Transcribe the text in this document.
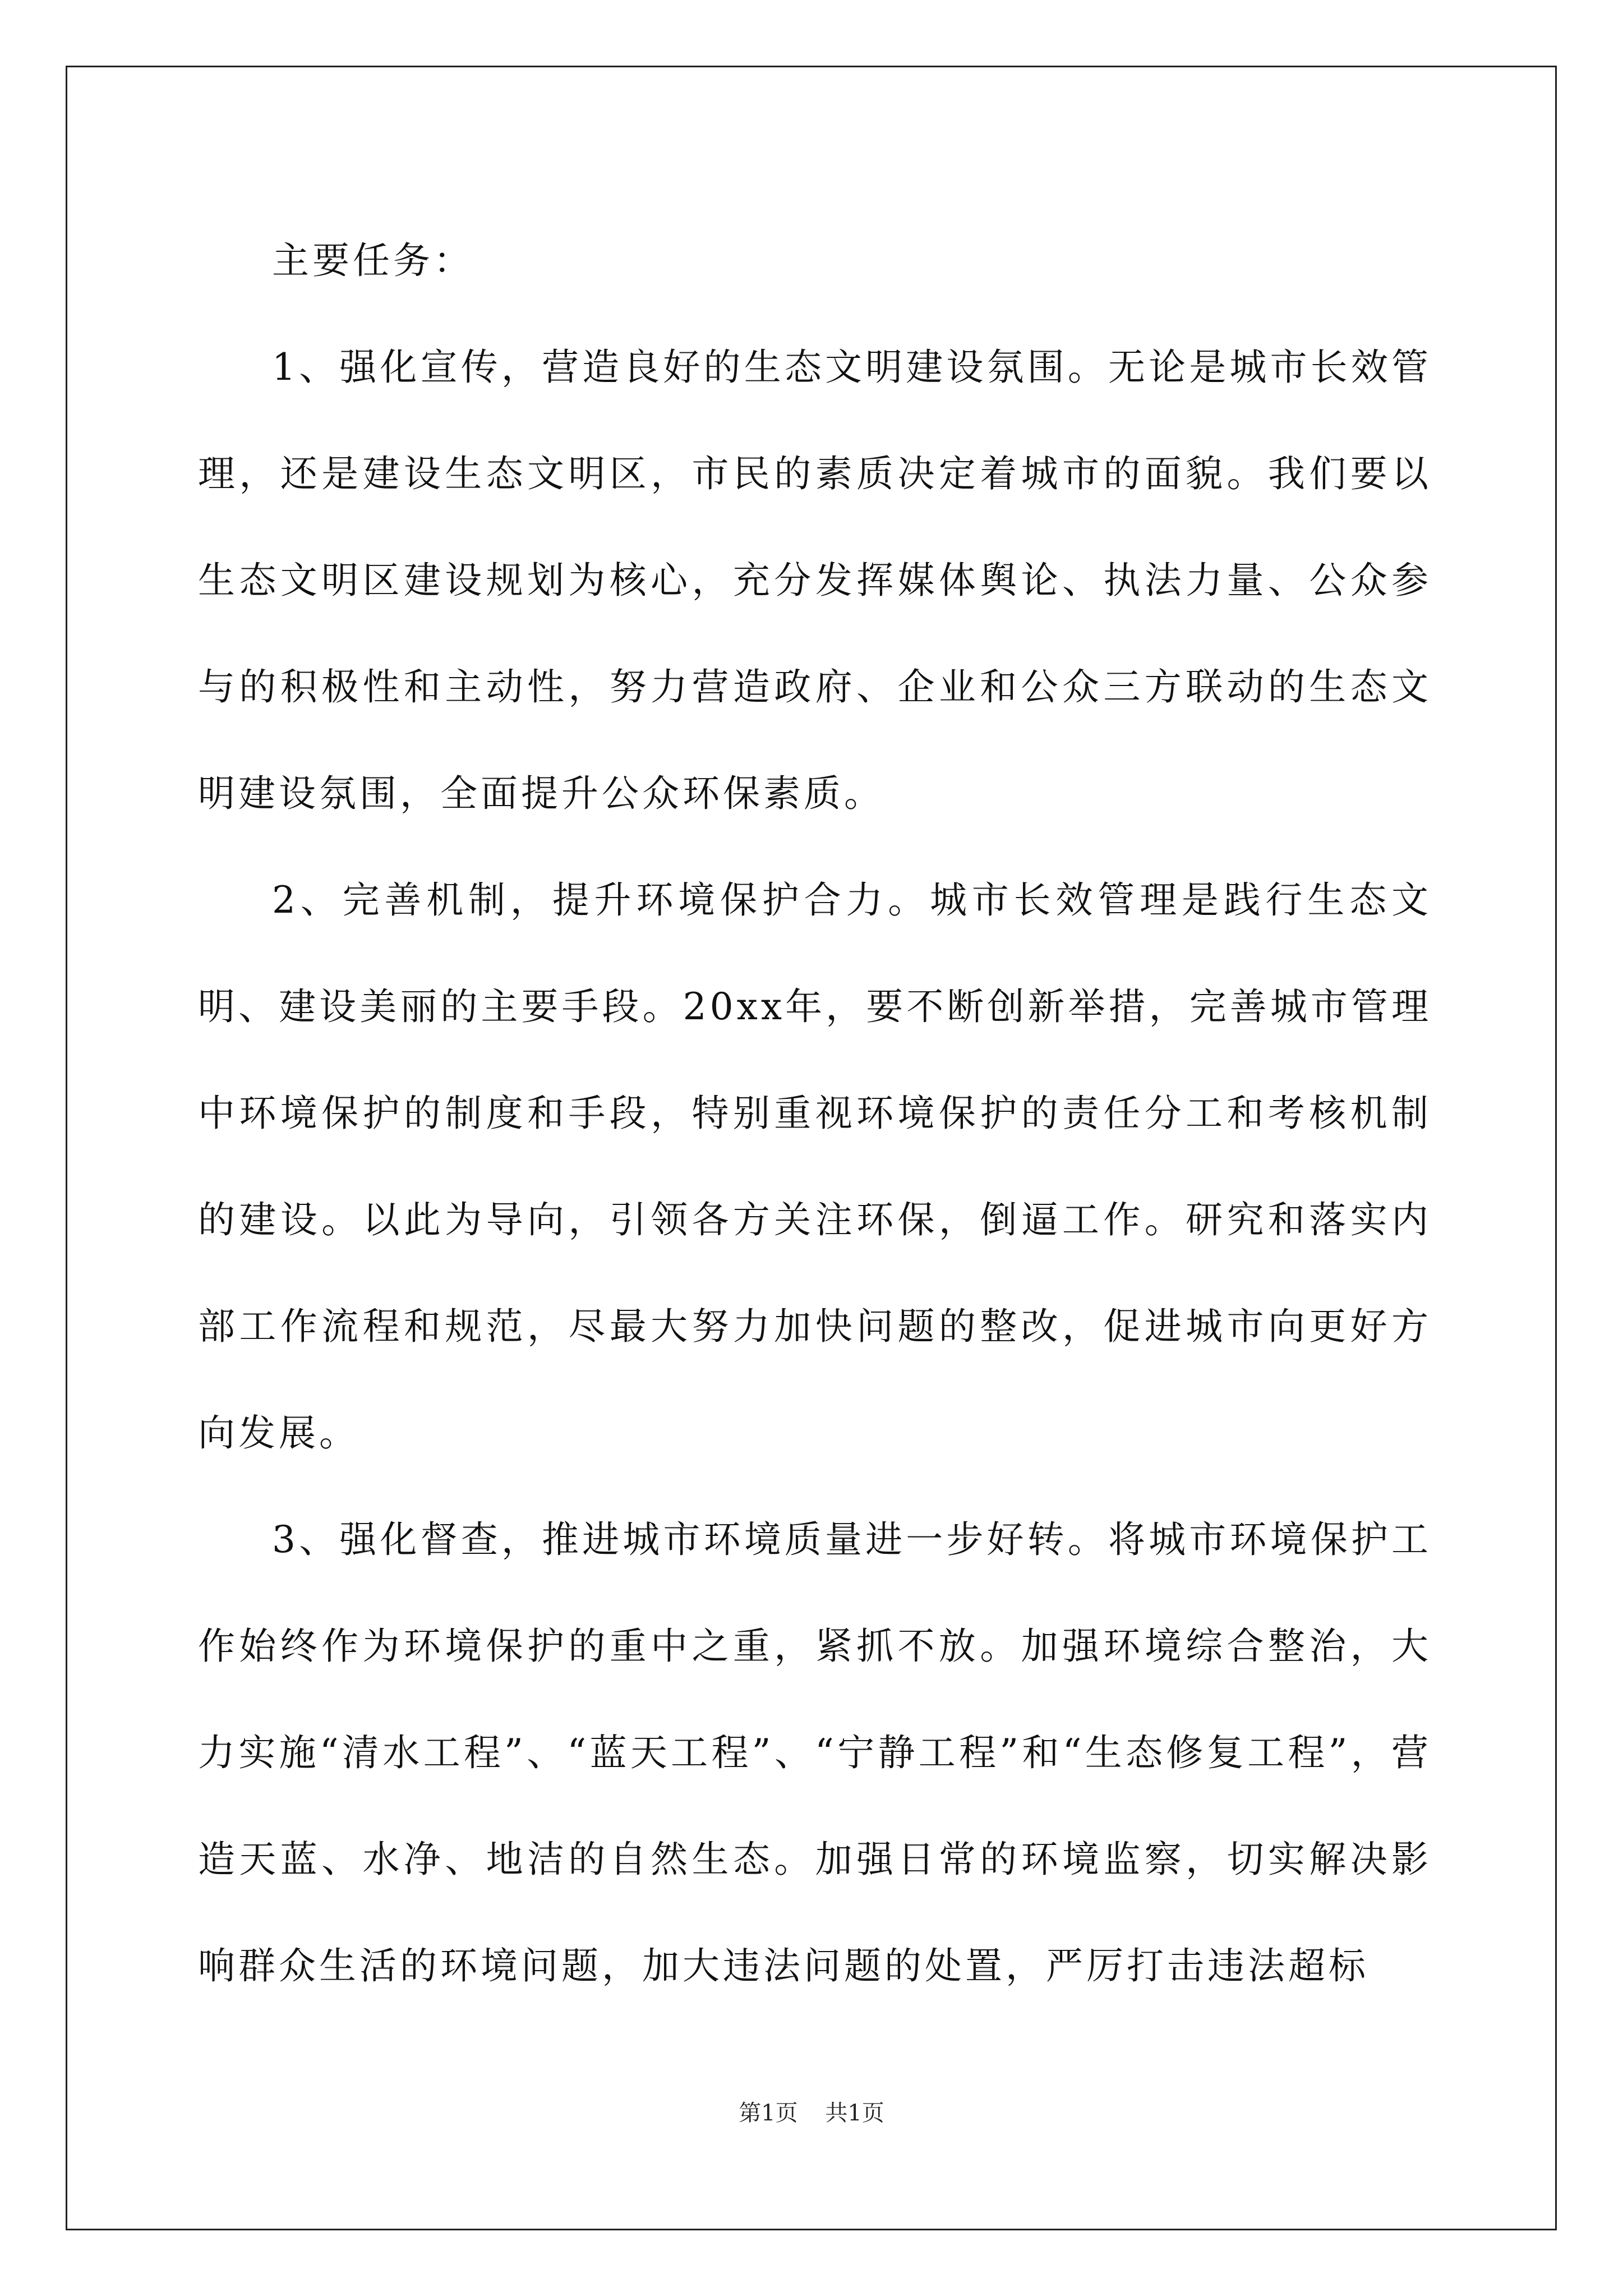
主要任务：

1、强化宣传，营造良好的生态文明建设氛围。无论是城市长效管理，还是建设生态文明区，市民的素质决定着城市的面貌。我们要以生态文明区建设规划为核心，充分发挥媒体舆论、执法力量、公众参与的积极性和主动性，努力营造政府、企业和公众三方联动的生态文明建设氛围，全面提升公众环保素质。

2、完善机制，提升环境保护合力。城市长效管理是践行生态文明、建设美丽的主要手段。20xx年，要不断创新举措，完善城市管理中环境保护的制度和手段，特别重视环境保护的责任分工和考核机制的建设。以此为导向，引领各方关注环保，倒逼工作。研究和落实内部工作流程和规范，尽最大努力加快问题的整改，促进城市向更好方向发展。

3、强化督查，推进城市环境质量进一步好转。将城市环境保护工作始终作为环境保护的重中之重，紧抓不放。加强环境综合整治，大力实施“清水工程”、“蓝天工程”、“宁静工程”和“生态修复工程”，营造天蓝、水净、地洁的自然生态。加强日常的环境监察，切实解决影响群众生活的环境问题，加大违法问题的处置，严厉打击违法超标

第1页 共1页
